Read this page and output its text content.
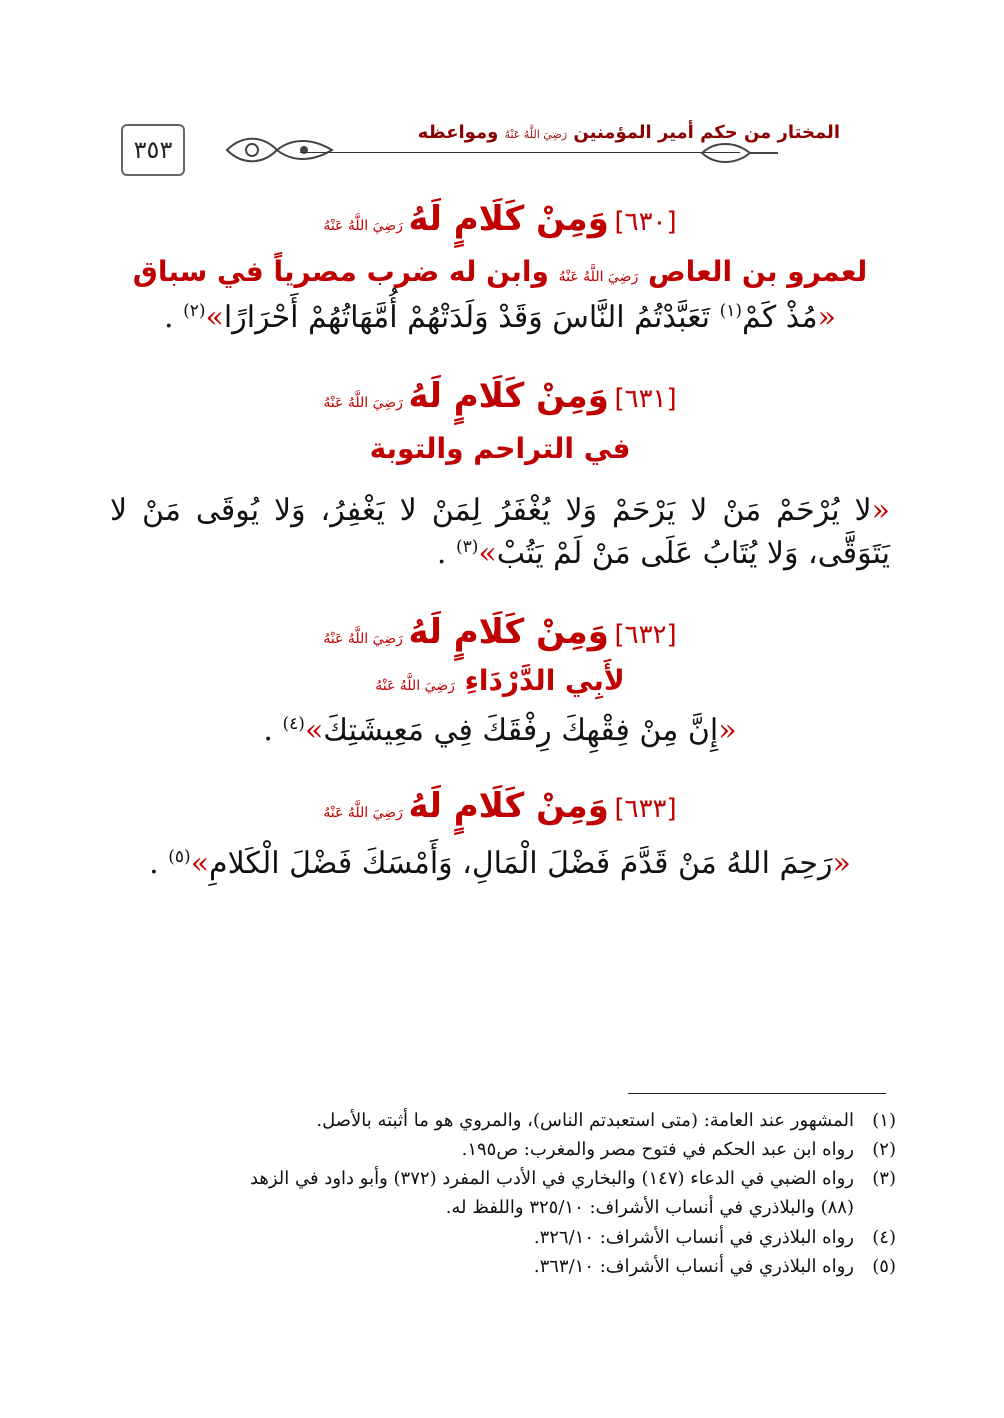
٣٥٣
المختار من حكم أمير المؤمنين رَضِيَ اللَّهُ عَنْهُ ومواعظه

[٦٣٠] وَمِنْ كَلَامٍ لَهُ رَضِيَ اللَّهُ عَنْهُ

لعمرو بن العاص رَضِيَ اللَّهُ عَنْهُ وابن له ضرب مصرياً في سباق

«مُذْ كَمْ$^{(١)}$ تَعَبَّدْتُمُ النَّاسَ وَقَدْ وَلَدَتْهُمْ أُمَّهَاتُهُمْ أَحْرَارًا»$^{(٢)}$ .

[٦٣١] وَمِنْ كَلَامٍ لَهُ رَضِيَ اللَّهُ عَنْهُ

في التراحم والتوبة

«لا يُرْحَمْ مَنْ لا يَرْحَمْ وَلا يُغْفَرُ لِمَنْ لا يَغْفِرُ، وَلا يُوقَى مَنْ لا يَتَوَقَّى، وَلا يُتَابُ عَلَى مَنْ لَمْ يَتُبْ»$^{(٣)}$ .

[٦٣٢] وَمِنْ كَلَامٍ لَهُ رَضِيَ اللَّهُ عَنْهُ

لأَبِي الدَّرْدَاءِ رَضِيَ اللَّهُ عَنْهُ

«إِنَّ مِنْ فِقْهِكَ رِفْقَكَ فِي مَعِيشَتِكَ»$^{(٤)}$ .

[٦٣٣] وَمِنْ كَلَامٍ لَهُ رَضِيَ اللَّهُ عَنْهُ

«رَحِمَ اللهُ مَنْ قَدَّمَ فَضْلَ الْمَالِ، وَأَمْسَكَ فَضْلَ الْكَلامِ»$^{(٥)}$ .

(١)المشهور عند العامة: (متى استعبدتم الناس)، والمروي هو ما أثبته بالأصل.

(٢)رواه ابن عبد الحكم في فتوح مصر والمغرب: ص١٩٥.

(٣)رواه الضبي في الدعاء (١٤٧) والبخاري في الأدب المفرد (٣٧٢) وأبو داود في الزهد

(٨٨) والبلاذري في أنساب الأشراف: ٣٢٥/١٠ واللفظ له.

(٤)رواه البلاذري في أنساب الأشراف: ٣٢٦/١٠.

(٥)رواه البلاذري في أنساب الأشراف: ٣٦٣/١٠.
